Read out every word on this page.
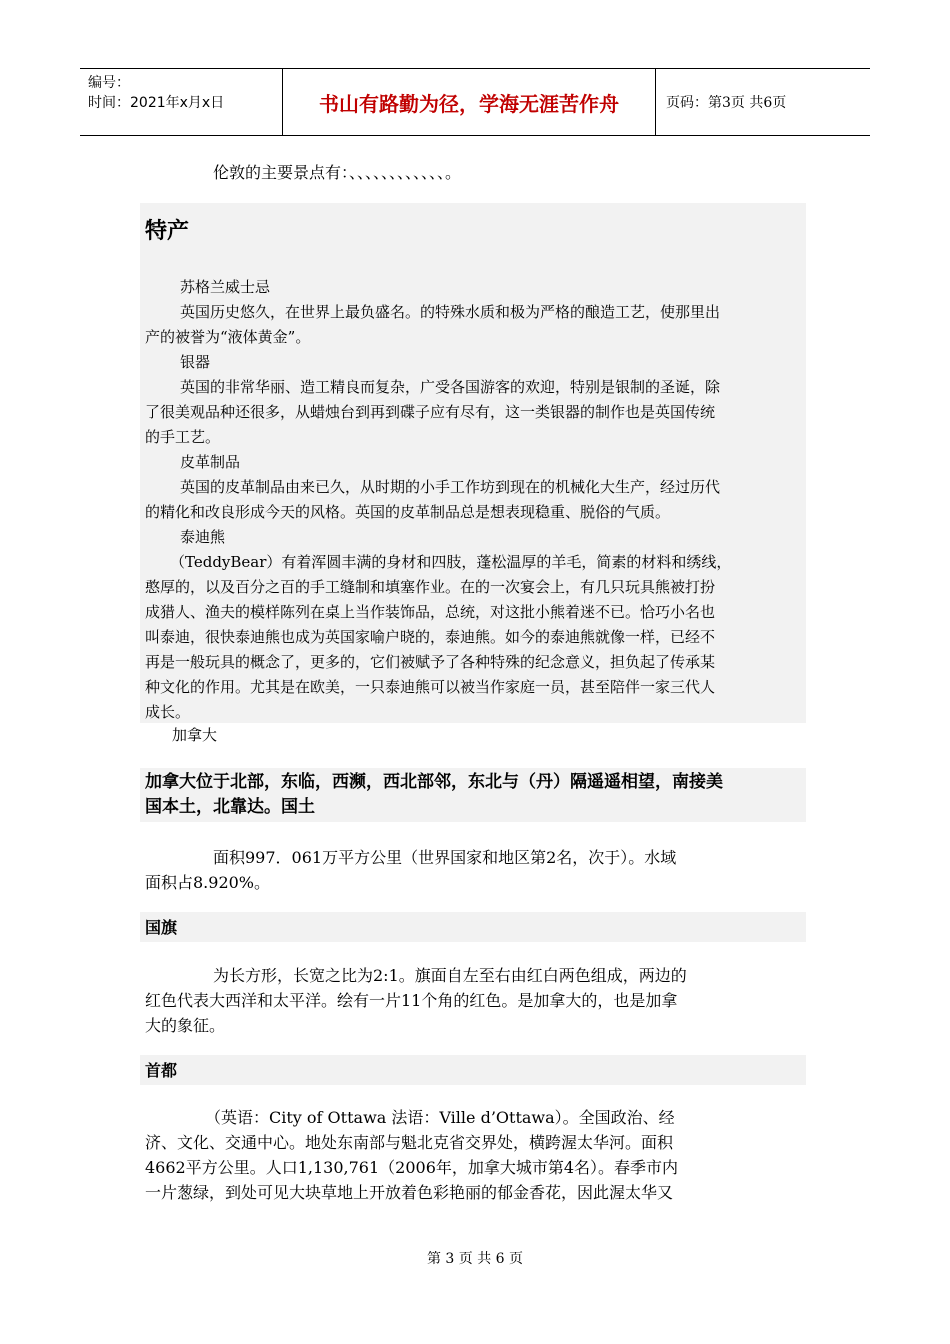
编号：
时间：2021年x月x日	书山有路勤为径，学海无涯苦作舟	页码：第3页 共6页
伦敦的主要景点有：、、、、、、、、、、、、。
特产
苏格兰威士忌
英国历史悠久，在世界上最负盛名。的特殊水质和极为严格的酿造工艺，使那里出
产的被誉为“液体黄金”。
银器
英国的非常华丽、造工精良而复杂，广受各国游客的欢迎，特别是银制的圣诞，除
了很美观品种还很多，从蜡烛台到再到碟子应有尽有，这一类银器的制作也是英国传统
的手工艺。
皮革制品
英国的皮革制品由来已久，从时期的小手工作坊到现在的机械化大生产，经过历代
的精化和改良形成今天的风格。英国的皮革制品总是想表现稳重、脱俗的气质。
泰迪熊
（TeddyBear）有着浑圆丰满的身材和四肢，蓬松温厚的羊毛，简素的材料和绣线，
憨厚的，以及百分之百的手工缝制和填塞作业。在的一次宴会上，有几只玩具熊被打扮
成猎人、渔夫的模样陈列在桌上当作装饰品，总统，对这批小熊着迷不已。恰巧小名也
叫泰迪，很快泰迪熊也成为英国家喻户晓的，泰迪熊。如今的泰迪熊就像一样，已经不
再是一般玩具的概念了，更多的，它们被赋予了各种特殊的纪念意义，担负起了传承某
种文化的作用。尤其是在欧美，一只泰迪熊可以被当作家庭一员，甚至陪伴一家三代人
成长。
加拿大
加拿大位于北部，东临，西濒，西北部邻，东北与（丹）隔遥遥相望，南接美
国本土，北靠达。国土
面积997．061万平方公里（世界国家和地区第2名，次于）。水域
面积占8.920%。
国旗
为长方形，长宽之比为2:1。旗面自左至右由红白两色组成，两边的
红色代表大西洋和太平洋。绘有一片11个角的红色。是加拿大的，也是加拿
大的象征。
首都
（英语：City of Ottawa 法语：Ville d’Ottawa）。全国政治、经
济、文化、交通中心。地处东南部与魁北克省交界处，横跨渥太华河。面积
4662平方公里。人口1,130,761（2006年，加拿大城市第4名）。春季市内
一片葱绿，到处可见大块草地上开放着色彩艳丽的郁金香花，因此渥太华又
第 3 页 共 6 页
